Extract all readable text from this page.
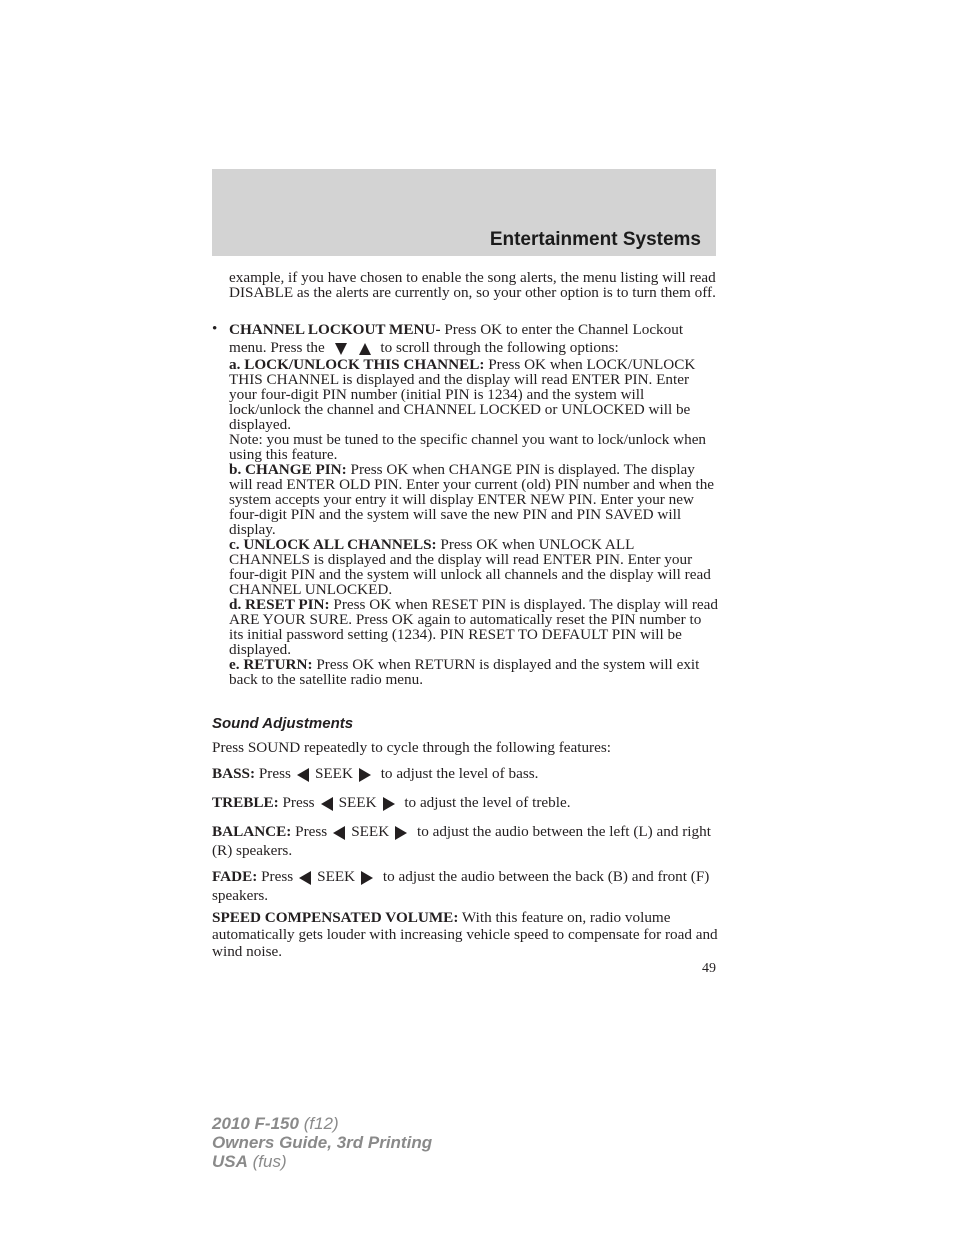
Entertainment Systems

example, if you have chosen to enable the song alerts, the menu listing will read DISABLE as the alerts are currently on, so your other option is to turn them off.

• CHANNEL LOCKOUT MENU- Press OK to enter the Channel Lockout menu. Press the	to scroll through the following options:

a. LOCK/UNLOCK THIS CHANNEL: Press OK when LOCK/UNLOCK THIS CHANNEL is displayed and the display will read ENTER PIN. Enter your four-digit PIN number (initial PIN is 1234) and the system will lock/unlock the channel and CHANNEL LOCKED or UNLOCKED will be displayed.

Note: you must be tuned to the specific channel you want to lock/unlock when using this feature.

b. CHANGE PIN: Press OK when CHANGE PIN is displayed. The display will read ENTER OLD PIN. Enter your current (old) PIN number and when the system accepts your entry it will display ENTER NEW PIN. Enter your new four-digit PIN and the system will save the new PIN and PIN SAVED will display.

c. UNLOCK ALL CHANNELS: Press OK when UNLOCK ALL CHANNELS is displayed and the display will read ENTER PIN. Enter your four-digit PIN and the system will unlock all channels and the display will read CHANNEL UNLOCKED.

d. RESET PIN: Press OK when RESET PIN is displayed. The display will read ARE YOUR SURE. Press OK again to automatically reset the PIN number to its initial password setting (1234). PIN RESET TO DEFAULT PIN will be displayed.

e. RETURN: Press OK when RETURN is displayed and the system will exit back to the satellite radio menu.

Sound Adjustments

Press SOUND repeatedly to cycle through the following features:

BASS: Press SEEK to adjust the level of bass.
TREBLE: Press SEEK to adjust the level of treble.
BALANCE: Press SEEK to adjust the audio between the left (L) and right (R) speakers.
FADE: Press SEEK to adjust the audio between the back (B) and front (F) speakers.
SPEED COMPENSATED VOLUME: With this feature on, radio volume automatically gets louder with increasing vehicle speed to compensate for road and wind noise.
49
2010 F-150 (f12)
Owners Guide, 3rd Printing
USA (fus)
